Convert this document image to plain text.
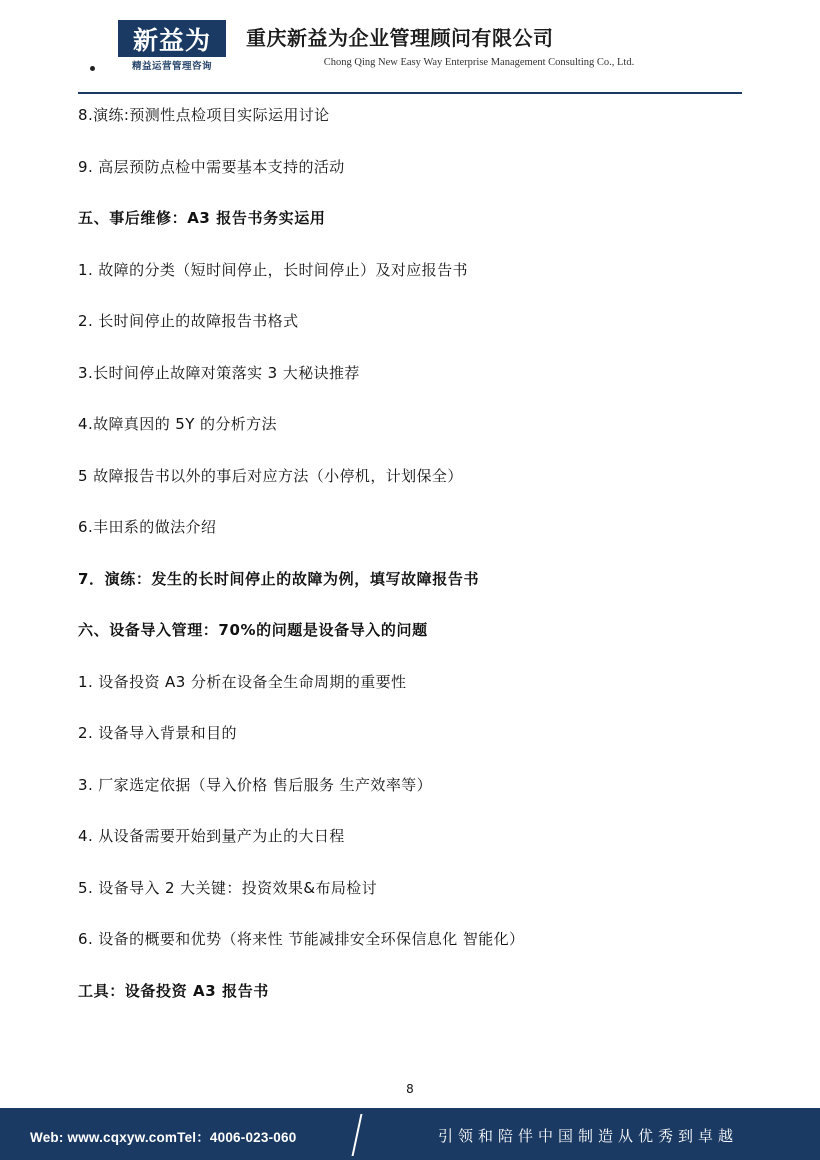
新益为
精益运营管理咨询
重庆新益为企业管理顾问有限公司
Chong Qing New Easy Way Enterprise Management Consulting Co., Ltd.

8.演练:预测性点检项目实际运用讨论

9. 高层预防点检中需要基本支持的活动

五、事后维修：A3 报告书务实运用

1. 故障的分类（短时间停止，长时间停止）及对应报告书

2. 长时间停止的故障报告书格式

3.长时间停止故障对策落实 3 大秘诀推荐

4.故障真因的 5Y 的分析方法

5 故障报告书以外的事后对应方法（小停机，计划保全）

6.丰田系的做法介绍

7．演练：发生的长时间停止的故障为例，填写故障报告书

六、设备导入管理：70%的问题是设备导入的问题

1. 设备投资 A3 分析在设备全生命周期的重要性

2. 设备导入背景和目的

3. 厂家选定依据（导入价格 售后服务 生产效率等）

4. 从设备需要开始到量产为止的大日程

5. 设备导入 2 大关键：投资效果&布局检讨

6. 设备的概要和优势（将来性 节能减排安全环保信息化 智能化）

工具：设备投资 A3 报告书

8
Web: www.cqxyw.comTel：4006-023-060	引领和陪伴中国制造从优秀到卓越
